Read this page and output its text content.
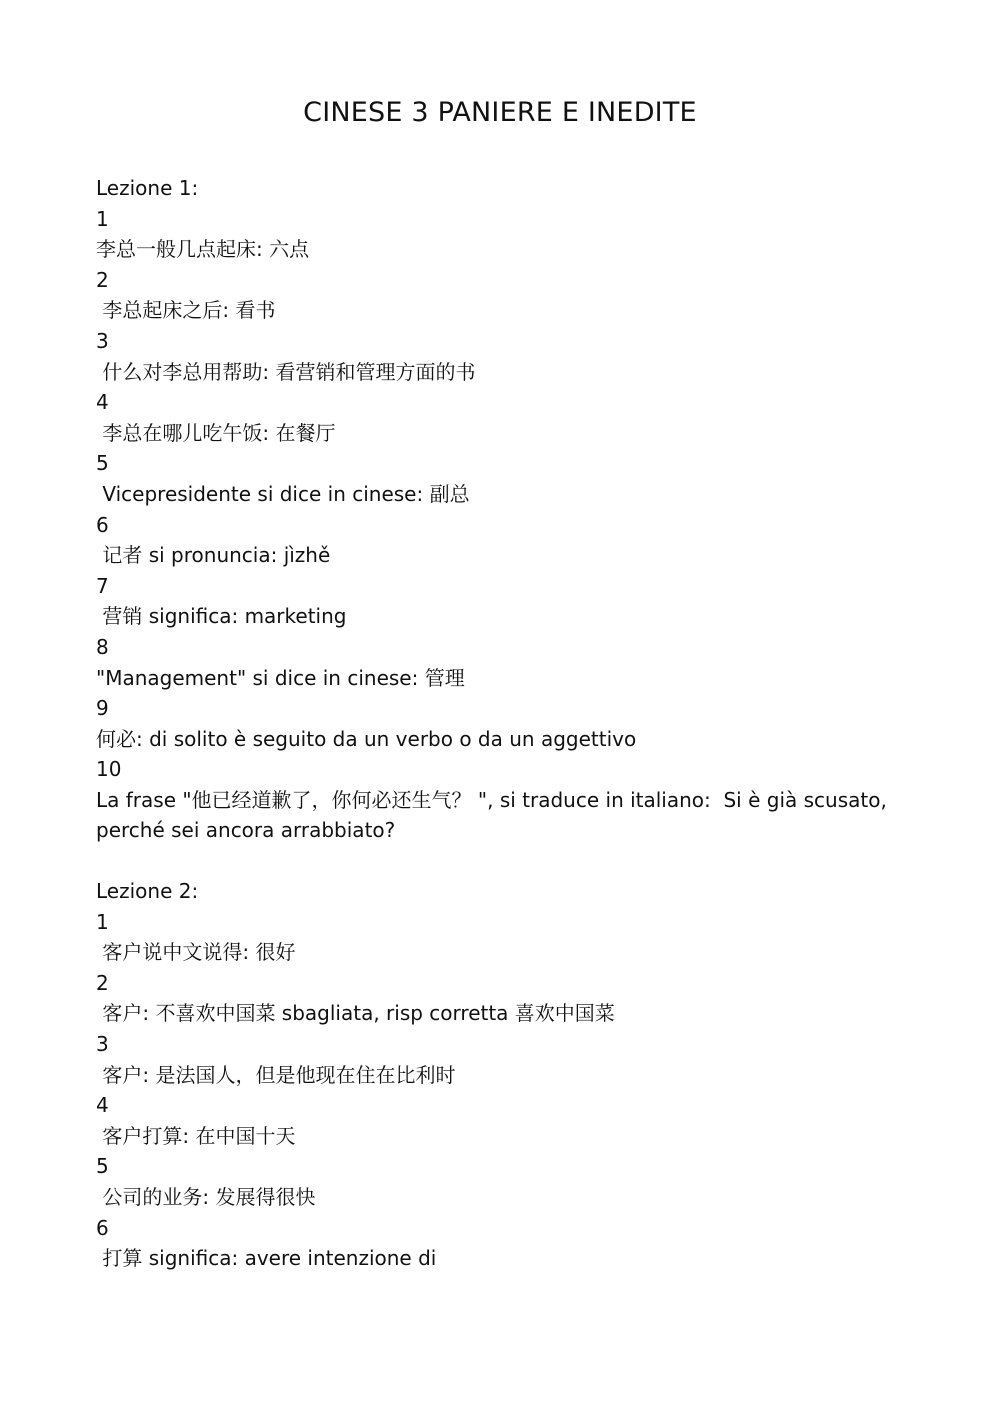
CINESE 3 PANIERE E INEDITE
Lezione 1:
1
李总一般几点起床: 六点
2
李总起床之后: 看书
3
什么对李总用帮助: 看营销和管理方面的书
4
李总在哪儿吃午饭: 在餐厅
5
Vicepresidente si dice in cinese: 副总
6
记者 si pronuncia: jìzhě
7
营销 significa: marketing
8
"Management" si dice in cinese: 管理
9
何必: di solito è seguito da un verbo o da un aggettivo
10
La frase "他已经道歉了，你何必还生气？ ", si traduce in italiano:  Si è già scusato, perché sei ancora arrabbiato?
Lezione 2:
1
客户说中文说得: 很好
2
客户: 不喜欢中国菜 sbagliata, risp corretta 喜欢中国菜
3
客户: 是法国人，但是他现在住在比利时
4
客户打算: 在中国十天
5
公司的业务: 发展得很快
6
打算 significa: avere intenzione di
